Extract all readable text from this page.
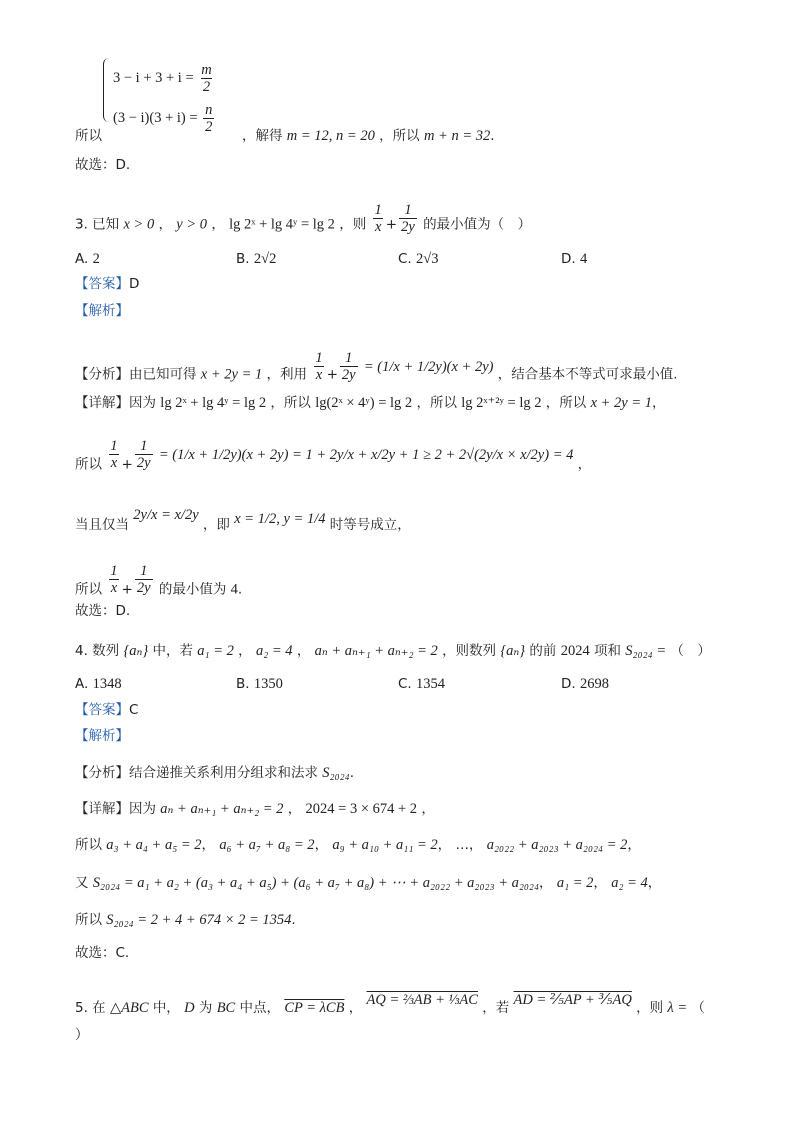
$3 - i + 3 + i = \frac{m}{2}$
$(3 - i)(3 + i) = \frac{n}{2}$
所以	，解得 m = 12, n = 20 ，所以 m + n = 32.
故选：D.
3. 已知 x > 0 ， y > 0 ， lg 2ˣ + lg 4ʸ = lg 2 ，则 $\frac{1}{x} + \frac{1}{2y}$ 的最小值为（　）
A. 2	B. 2√2	C. 2√3	D. 4
【答案】D
【解析】
【分析】由已知可得 x + 2y = 1 ，利用 $\frac{1}{x} + \frac{1}{2y} = (1/x + 1/2y)(x + 2y)$ ，结合基本不等式可求最小值.
【详解】因为 lg 2ˣ + lg 4ʸ = lg 2 ，所以 lg(2ˣ × 4ʸ) = lg 2 ，所以 lg 2ˣ⁺²ʸ = lg 2 ，所以 x + 2y = 1，
所以 $\frac{1}{x} + \frac{1}{2y} = (1/x + 1/2y)(x + 2y) = 1 + 2y/x + x/2y + 1 \ge 2 + 2√(2y/x \times x/2y) = 4$ ，
当且仅当 2y/x = x/2y ，即 x = 1/2, y = 1/4 时等号成立，
所以 $\frac{1}{x} + \frac{1}{2y}$ 的最小值为 4.
故选：D.
4. 数列 {aₙ} 中，若 a₁ = 2 ， a₂ = 4 ， aₙ + aₙ₊₁ + aₙ₊₂ = 2 ，则数列 {aₙ} 的前 2024 项和 S₂₀₂₄ = （　）
A. 1348	B. 1350	C. 1354	D. 2698
【答案】C
【解析】
【分析】结合递推关系利用分组求和法求 S₂₀₂₄.
【详解】因为 aₙ + aₙ₊₁ + aₙ₊₂ = 2 ， 2024 = 3 × 674 + 2 ，
所以 a₃ + a₄ + a₅ = 2， a₆ + a₇ + a₈ = 2， a₉ + a₁₀ + a₁₁ = 2， …， a₂₀₂₂ + a₂₀₂₃ + a₂₀₂₄ = 2，
又 S₂₀₂₄ = a₁ + a₂ + (a₃ + a₄ + a₅) + (a₆ + a₇ + a₈) + ⋯ + a₂₀₂₂ + a₂₀₂₃ + a₂₀₂₄， a₁ = 2， a₂ = 4，
所以 S₂₀₂₄ = 2 + 4 + 674 × 2 = 1354.
故选：C.
5. 在 △ABC 中， D 为 BC 中点， CP = λCB ， AQ = ⅔AB + ⅓AC ，若 AD = ⅖AP + ⅗AQ ，则 λ = （
）
